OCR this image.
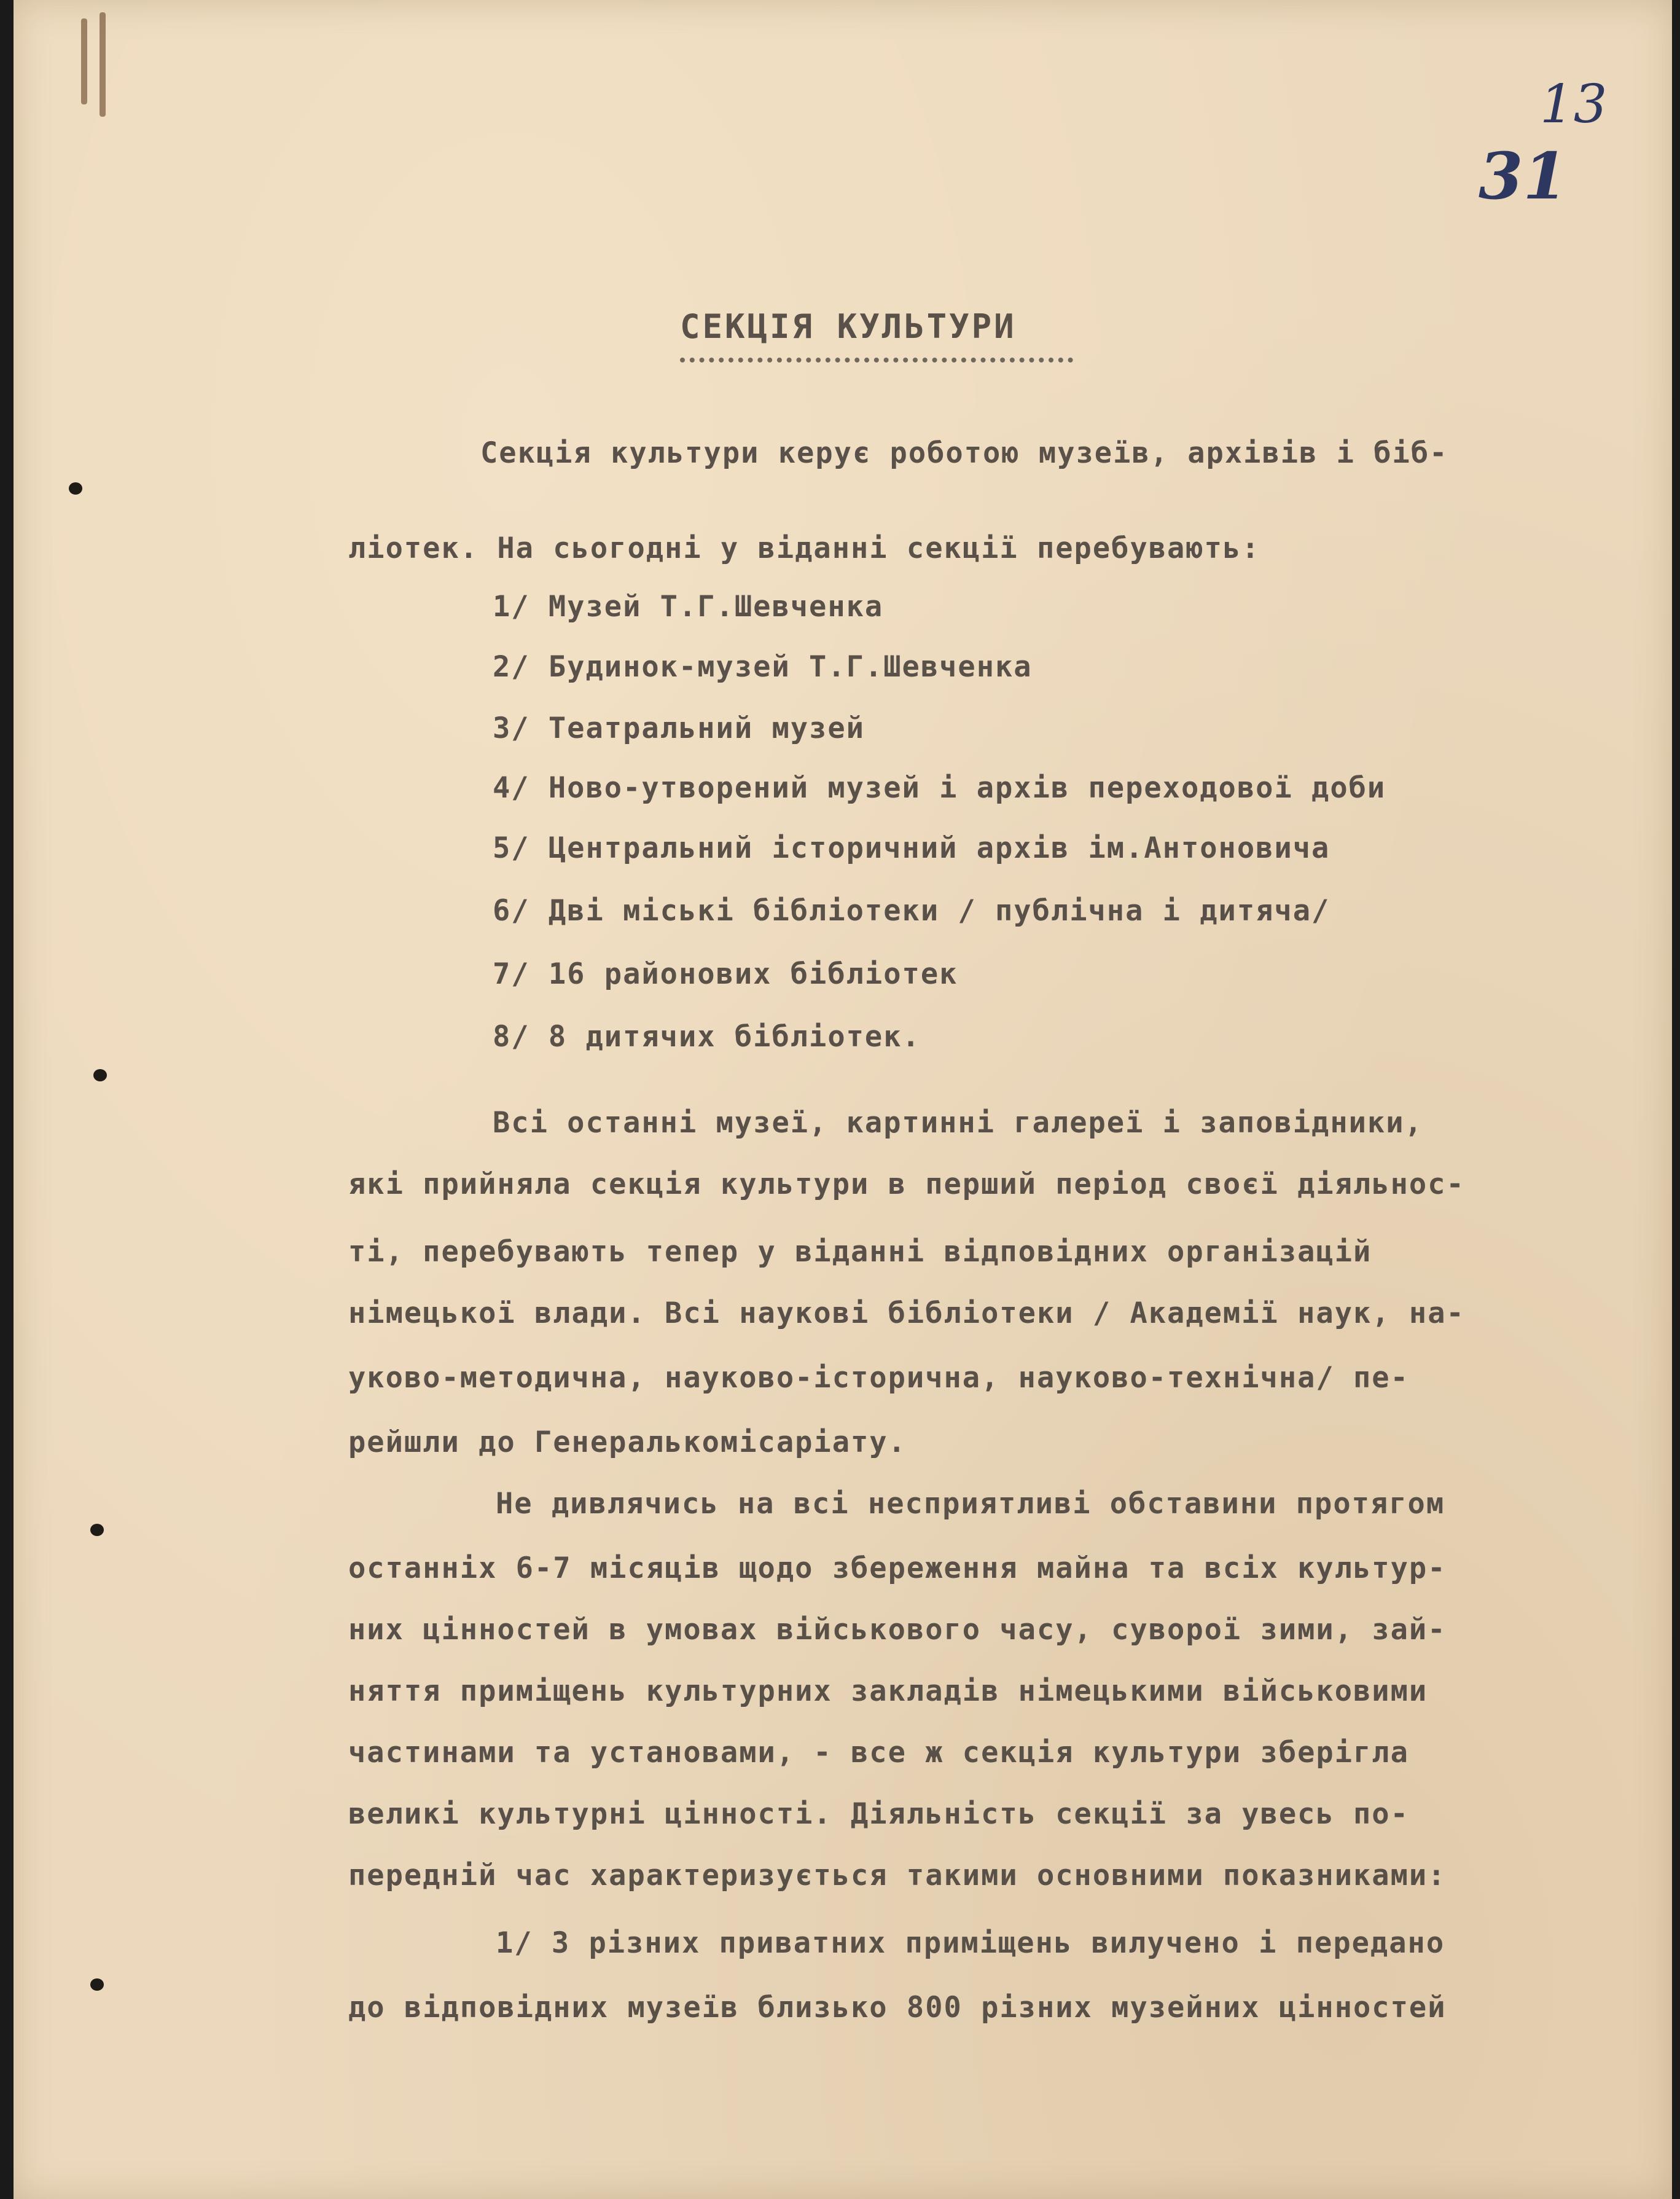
13
31
СЕКЦІЯ КУЛЬТУРИ
Секція культури керує роботою музеїв, архівів і біб-
ліотек. На сьогодні у віданні секції перебувають:
1/ Музей Т.Г.Шевченка
2/ Будинок-музей Т.Г.Шевченка
3/ Театральний музей
4/ Ново-утворений музей і архів переходової доби
5/ Центральний історичний архів ім.Антоновича
6/ Дві міські бібліотеки / публічна і дитяча/
7/ 16 районових бібліотек
8/ 8 дитячих бібліотек.
Всі останні музеї, картинні галереї і заповідники,
які прийняла секція культури в перший період своєї діяльнос-
ті, перебувають тепер у віданні відповідних організацій
німецької влади. Всі наукові бібліотеки / Академії наук, на-
уково-методична, науково-історична, науково-технічна/ пе-
рейшли до Генералькомісаріату.
Не дивлячись на всі несприятливі обставини протягом
останніх 6-7 місяців щодо збереження майна та всіх культур-
них цінностей в умовах військового часу, суворої зими, зай-
няття приміщень культурних закладів німецькими військовими
частинами та установами, - все ж секція культури зберігла
великі культурні цінності. Діяльність секції за увесь по-
передній час характеризується такими основними показниками:
1/ З різних приватних приміщень вилучено і передано
до відповідних музеїв близько 800 різних музейних цінностей
